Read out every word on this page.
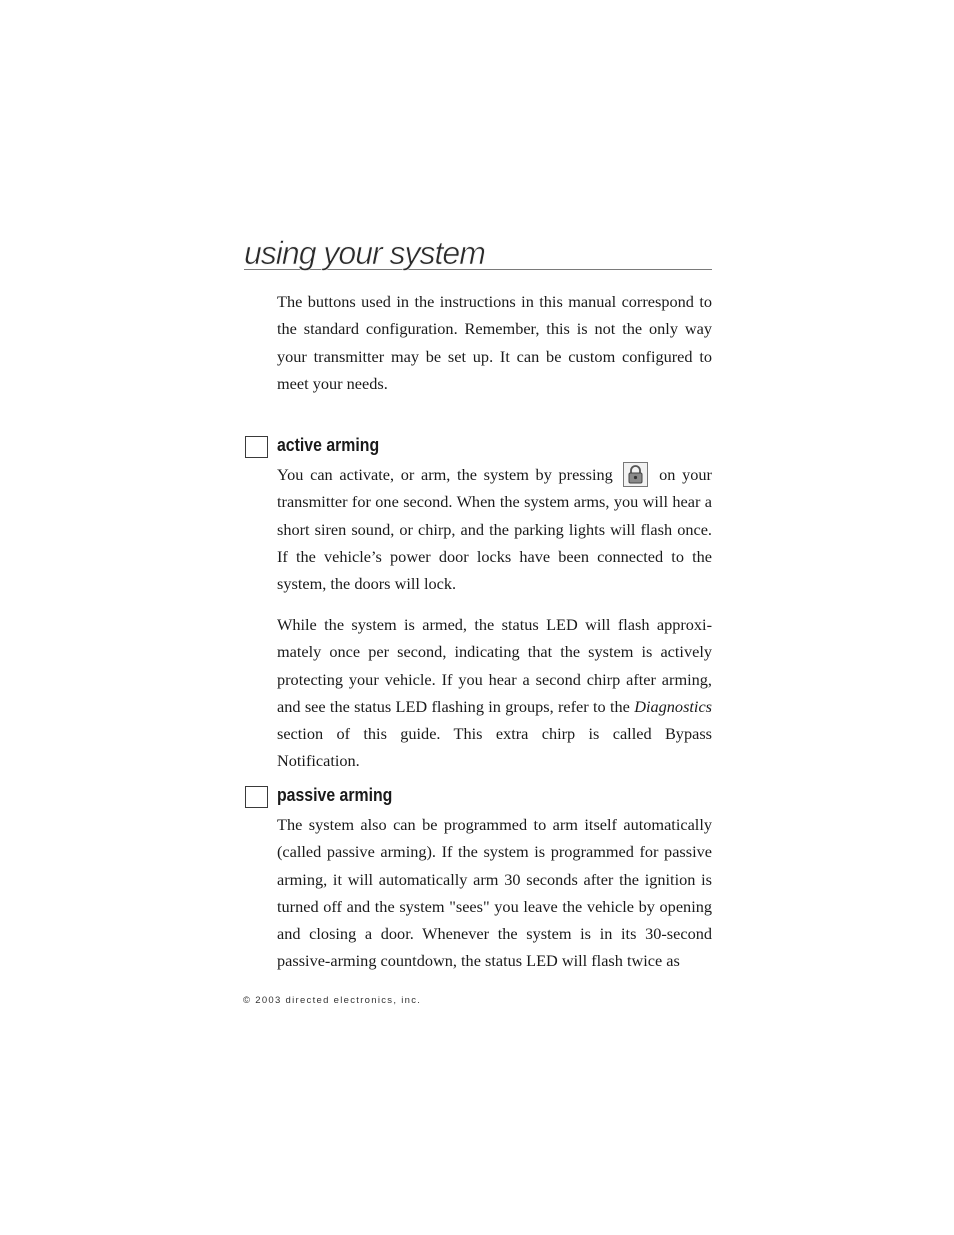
using your system

The buttons used in the instructions in this manual correspond to the standard configuration. Remember, this is not the only way your transmitter may be set up. It can be custom configured to meet your needs.

active arming

You can activate, or arm, the system by pressing	on your transmitter for one second. When the system arms, you will hear a short siren sound, or chirp, and the parking lights will flash once. If the vehicle’s power door locks have been connected to the system, the doors will lock.

While the system is armed, the status LED will flash approximately once per second, indicating that the system is actively protecting your vehicle. If you hear a second chirp after arming, and see the status LED flashing in groups, refer to the Diagnostics section of this guide. This extra chirp is called Bypass Notification.

passive arming

The system also can be programmed to arm itself automatically (called passive arming). If the system is programmed for passive arming, it will automatically arm 30 seconds after the ignition is turned off and the system "sees" you leave the vehicle by opening and closing a door. Whenever the system is in its 30-second passive-arming countdown, the status LED will flash twice as

© 2003 directed electronics, inc.
